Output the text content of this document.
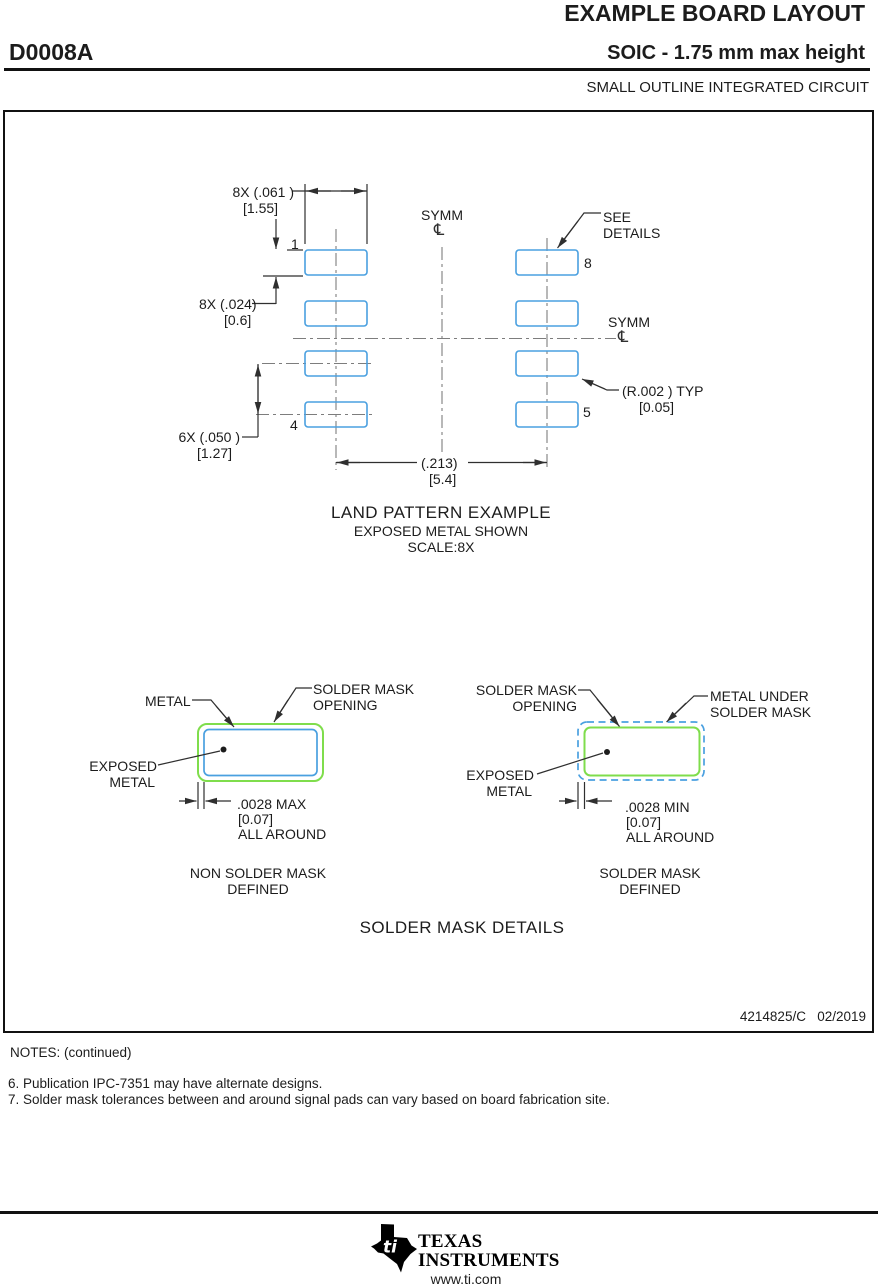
EXAMPLE BOARD LAYOUT
D0008A	SOIC - 1.75 mm max height
SMALL OUTLINE INTEGRATED CIRCUIT
8X (.061 )
[1.55]
1
8X (.024)
[0.6]
6X (.050 )
[1.27]
4
SYMM
℄
SEE
DETAILS
8
SYMM
℄
(R.002 ) TYP
[0.05]
5
(.213)
[5.4]
LAND PATTERN EXAMPLE
EXPOSED METAL SHOWN
SCALE:8X
METAL
SOLDER MASK
OPENING
EXPOSED
METAL
.0028 MAX
[0.07]
ALL AROUND
NON SOLDER MASK
DEFINED
SOLDER MASK
OPENING
METAL UNDER
SOLDER MASK
EXPOSED
METAL
.0028 MIN
[0.07]
ALL AROUND
SOLDER MASK
DEFINED
SOLDER MASK DETAILS
4214825/C   02/2019
NOTES: (continued)
6. Publication IPC-7351 may have alternate designs.
7. Solder mask tolerances between and around signal pads can vary based on board fabrication site.
ti TEXAS
INSTRUMENTS
www.ti.com
